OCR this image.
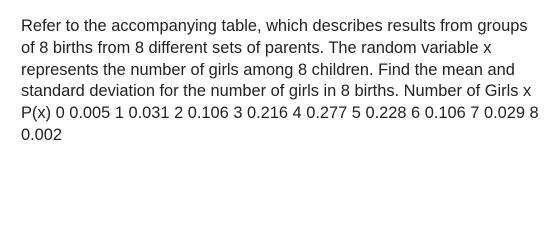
Refer to the accompanying table, which describes results from groups of 8 births from 8 different sets of parents. The random variable x represents the number of girls among 8 children. Find the mean and standard deviation for the number of girls in 8 births. Number of Girls x P(x) 0 0.005 1 0.031 2 0.106 3 0.216 4 0.277 5 0.228 6 0.106 7 0.029 8 0.002
